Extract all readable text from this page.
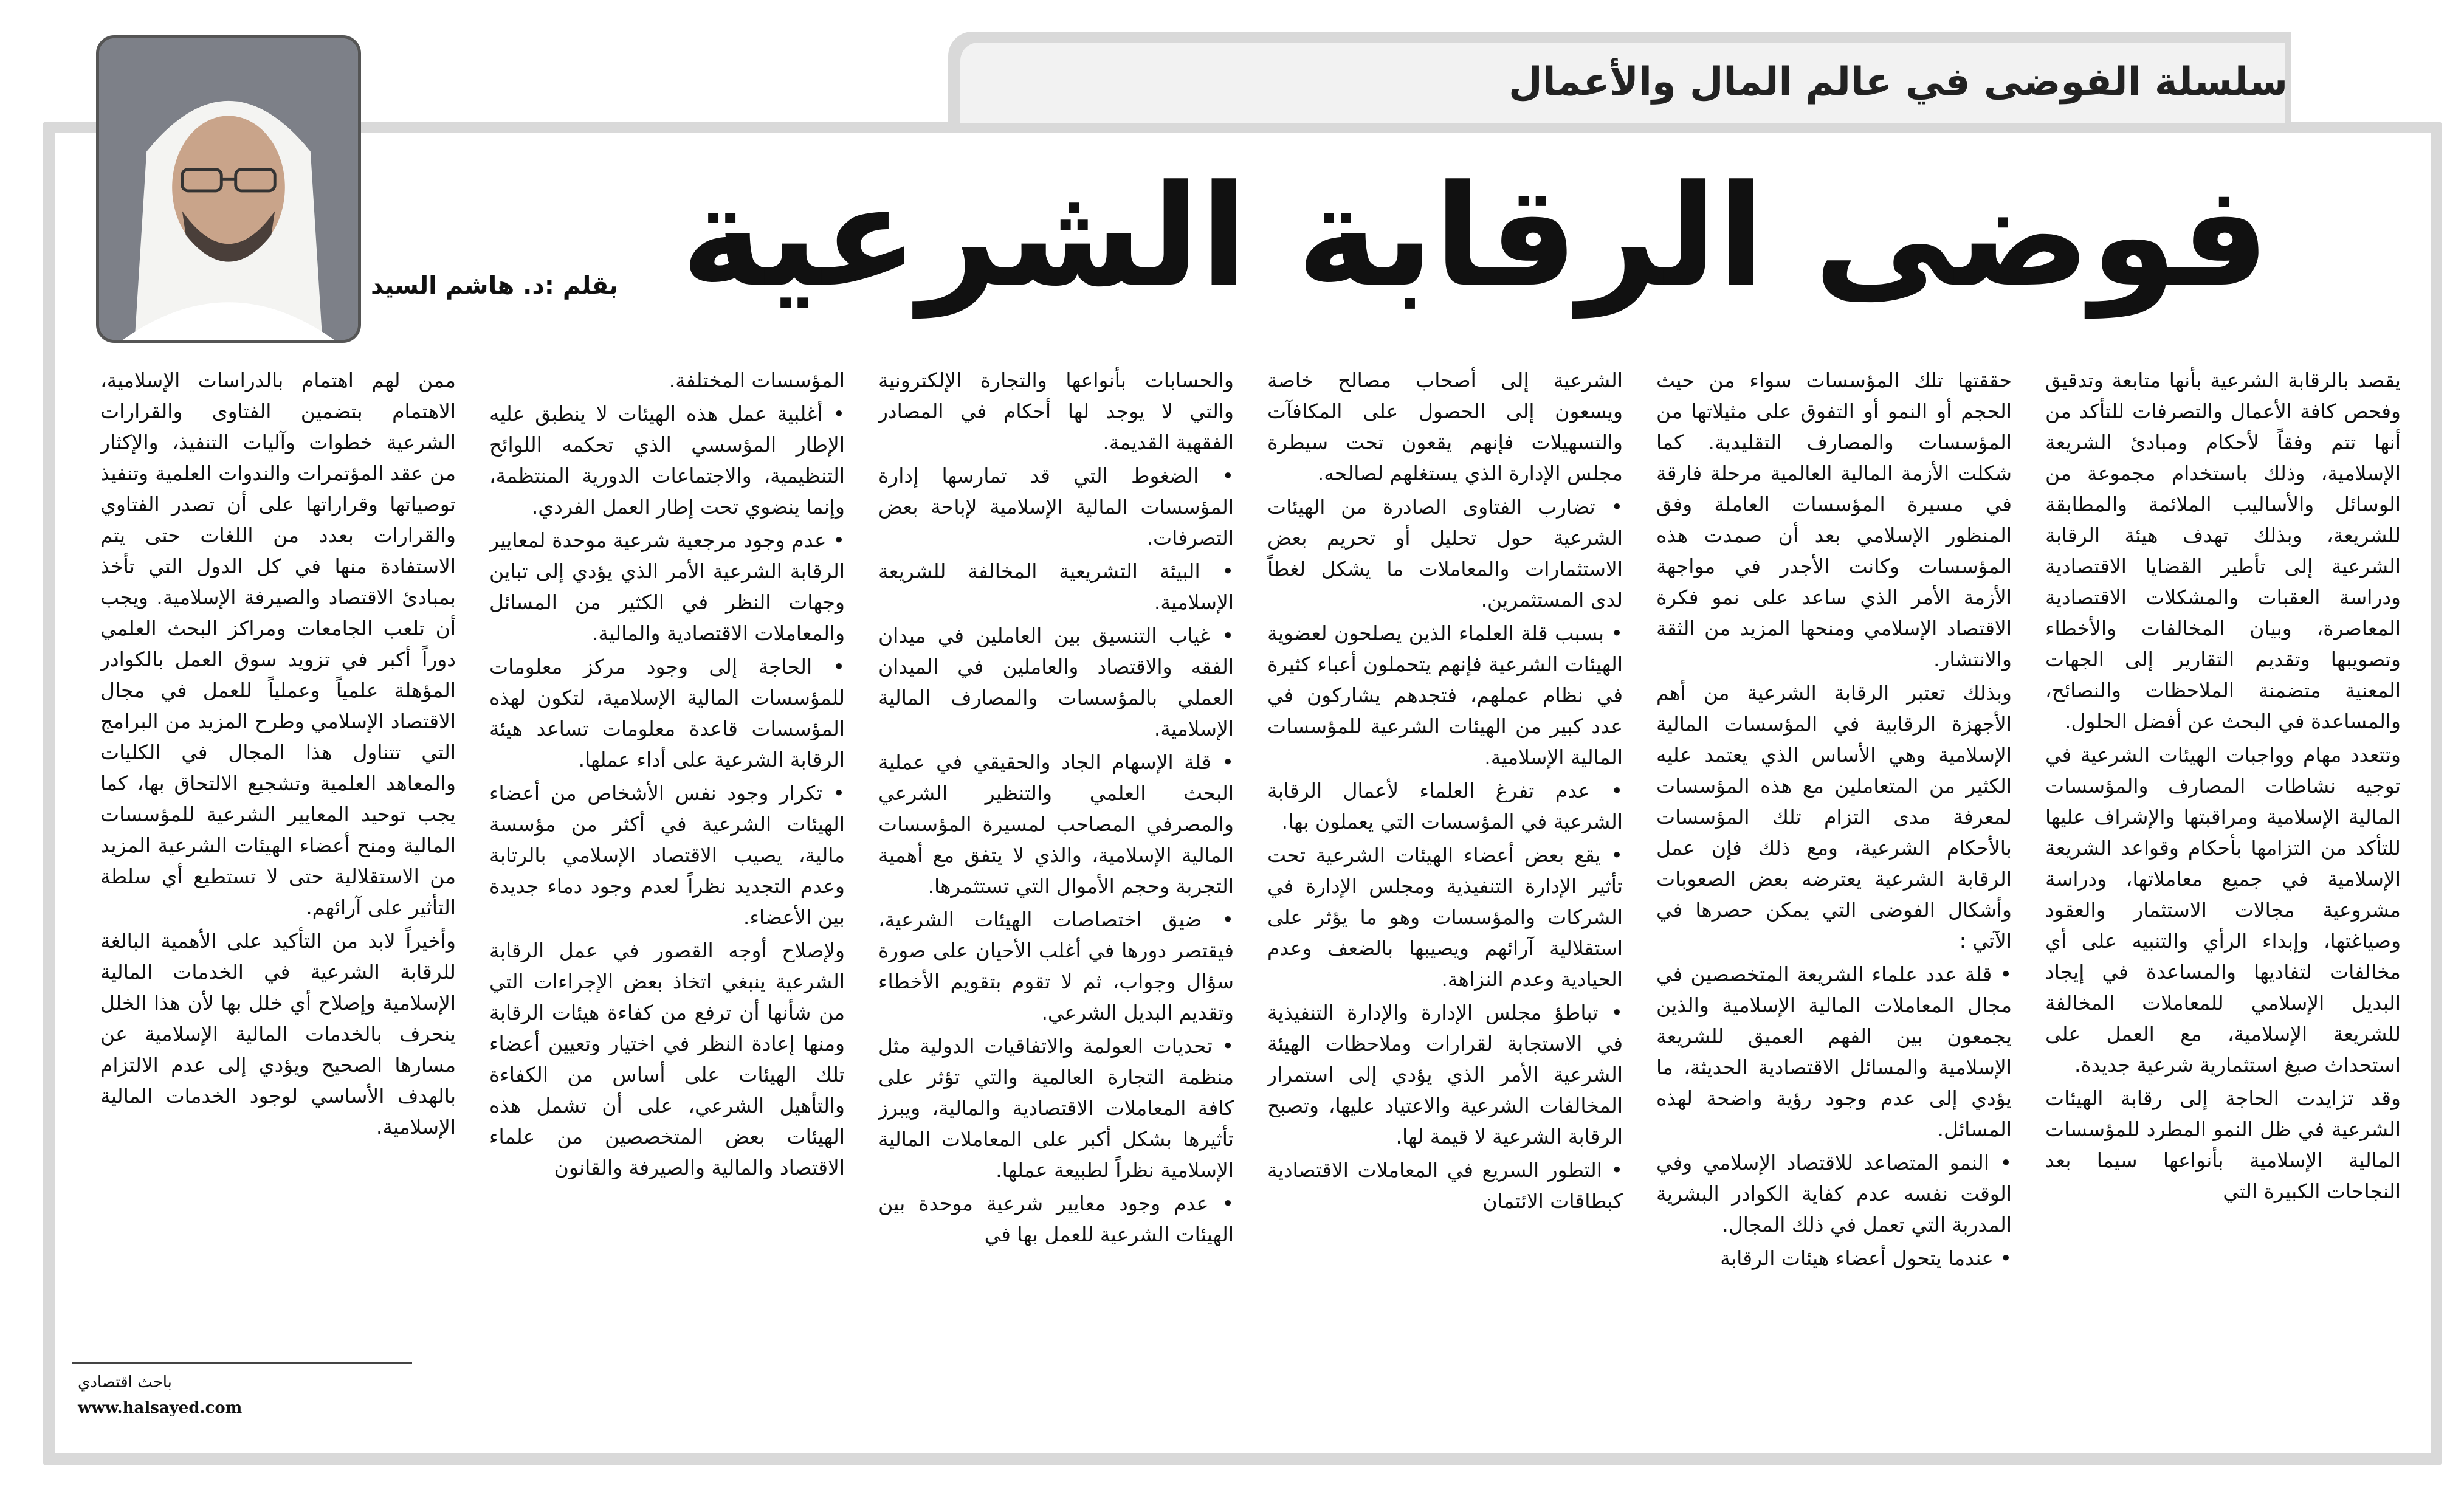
سلسلة الفوضى في عالم المال والأعمال
فوضى الرقابة الشرعية

بقلم :د. هاشم السيد

يقصد بالرقابة الشرعية بأنها متابعة وتدقيق وفحص كافة الأعمال والتصرفات للتأكد من أنها تتم وفقاً لأحكام ومبادئ الشريعة الإسلامية، وذلك باستخدام مجموعة من الوسائل والأساليب الملائمة والمطابقة للشريعة، وبذلك تهدف هيئة الرقابة الشرعية إلى تأطير القضايا الاقتصادية ودراسة العقبات والمشكلات الاقتصادية المعاصرة، وبيان المخالفات والأخطاء وتصويبها وتقديم التقارير إلى الجهات المعنية متضمنة الملاحظات والنصائح، والمساعدة في البحث عن أفضل الحلول.

وتتعدد مهام وواجبات الهيئات الشرعية في توجيه نشاطات المصارف والمؤسسات المالية الإسلامية ومراقبتها والإشراف عليها للتأكد من التزامها بأحكام وقواعد الشريعة الإسلامية في جميع معاملاتها، ودراسة مشروعية مجالات الاستثمار والعقود وصياغتها، وإبداء الرأي والتنبيه على أي مخالفات لتفاديها والمساعدة في إيجاد البديل الإسلامي للمعاملات المخالفة للشريعة الإسلامية، مع العمل على استحداث صيغ استثمارية شرعية جديدة.

وقد تزايدت الحاجة إلى رقابة الهيئات الشرعية في ظل النمو المطرد للمؤسسات المالية الإسلامية بأنواعها سيما بعد النجاحات الكبيرة التي

حققتها تلك المؤسسات سواء من حيث الحجم أو النمو أو التفوق على مثيلاتها من المؤسسات والمصارف التقليدية. كما شكلت الأزمة المالية العالمية مرحلة فارقة في مسيرة المؤسسات العاملة وفق المنظور الإسلامي بعد أن صمدت هذه المؤسسات وكانت الأجدر في مواجهة الأزمة الأمر الذي ساعد على نمو فكرة الاقتصاد الإسلامي ومنحها المزيد من الثقة والانتشار.

وبذلك تعتبر الرقابة الشرعية من أهم الأجهزة الرقابية في المؤسسات المالية الإسلامية وهي الأساس الذي يعتمد عليه الكثير من المتعاملين مع هذه المؤسسات لمعرفة مدى التزام تلك المؤسسات بالأحكام الشرعية، ومع ذلك فإن عمل الرقابة الشرعية يعترضه بعض الصعوبات وأشكال الفوضى التي يمكن حصرها في الآتي :

• قلة عدد علماء الشريعة المتخصصين في مجال المعاملات المالية الإسلامية والذين يجمعون بين الفهم العميق للشريعة الإسلامية والمسائل الاقتصادية الحديثة، ما يؤدي إلى عدم وجود رؤية واضحة لهذه المسائل.

• النمو المتصاعد للاقتصاد الإسلامي وفي الوقت نفسه عدم كفاية الكوادر البشرية المدربة التي تعمل في ذلك المجال.

• عندما يتحول أعضاء هيئات الرقابة

الشرعية إلى أصحاب مصالح خاصة ويسعون إلى الحصول على المكافآت والتسهيلات فإنهم يقعون تحت سيطرة مجلس الإدارة الذي يستغلهم لصالحه.

• تضارب الفتاوى الصادرة من الهيئات الشرعية حول تحليل أو تحريم بعض الاستثمارات والمعاملات ما يشكل لغطاً لدى المستثمرين.

• بسبب قلة العلماء الذين يصلحون لعضوية الهيئات الشرعية فإنهم يتحملون أعباء كثيرة في نظام عملهم، فتجدهم يشاركون في عدد كبير من الهيئات الشرعية للمؤسسات المالية الإسلامية.

• عدم تفرغ العلماء لأعمال الرقابة الشرعية في المؤسسات التي يعملون بها.

• يقع بعض أعضاء الهيئات الشرعية تحت تأثير الإدارة التنفيذية ومجلس الإدارة في الشركات والمؤسسات وهو ما يؤثر على استقلالية آرائهم ويصيبها بالضعف وعدم الحيادية وعدم النزاهة.

• تباطؤ مجلس الإدارة والإدارة التنفيذية في الاستجابة لقرارات وملاحظات الهيئة الشرعية الأمر الذي يؤدي إلى استمرار المخالفات الشرعية والاعتياد عليها، وتصبح الرقابة الشرعية لا قيمة لها.

• التطور السريع في المعاملات الاقتصادية كبطاقات الائتمان

والحسابات بأنواعها والتجارة الإلكترونية والتي لا يوجد لها أحكام في المصادر الفقهية القديمة.

• الضغوط التي قد تمارسها إدارة المؤسسات المالية الإسلامية لإباحة بعض التصرفات.

• البيئة التشريعية المخالفة للشريعة الإسلامية.

• غياب التنسيق بين العاملين في ميدان الفقه والاقتصاد والعاملين في الميدان العملي بالمؤسسات والمصارف المالية الإسلامية.

• قلة الإسهام الجاد والحقيقي في عملية البحث العلمي والتنظير الشرعي والمصرفي المصاحب لمسيرة المؤسسات المالية الإسلامية، والذي لا يتفق مع أهمية التجربة وحجم الأموال التي تستثمرها.

• ضيق اختصاصات الهيئات الشرعية، فيقتصر دورها في أغلب الأحيان على صورة سؤال وجواب، ثم لا تقوم بتقويم الأخطاء وتقديم البديل الشرعي.

• تحديات العولمة والاتفاقيات الدولية مثل منظمة التجارة العالمية والتي تؤثر على كافة المعاملات الاقتصادية والمالية، ويبرز تأثيرها بشكل أكبر على المعاملات المالية الإسلامية نظراً لطبيعة عملها.

• عدم وجود معايير شرعية موحدة بين الهيئات الشرعية للعمل بها في

المؤسسات المختلفة.

• أغلبية عمل هذه الهيئات لا ينطبق عليه الإطار المؤسسي الذي تحكمه اللوائح التنظيمية، والاجتماعات الدورية المنتظمة، وإنما ينضوي تحت إطار العمل الفردي.

• عدم وجود مرجعية شرعية موحدة لمعايير الرقابة الشرعية الأمر الذي يؤدي إلى تباين وجهات النظر في الكثير من المسائل والمعاملات الاقتصادية والمالية.

• الحاجة إلى وجود مركز معلومات للمؤسسات المالية الإسلامية، لتكون لهذه المؤسسات قاعدة معلومات تساعد هيئة الرقابة الشرعية على أداء عملها.

• تكرار وجود نفس الأشخاص من أعضاء الهيئات الشرعية في أكثر من مؤسسة مالية، يصيب الاقتصاد الإسلامي بالرتابة وعدم التجديد نظراً لعدم وجود دماء جديدة بين الأعضاء.

ولإصلاح أوجه القصور في عمل الرقابة الشرعية ينبغي اتخاذ بعض الإجراءات التي من شأنها أن ترفع من كفاءة هيئات الرقابة ومنها إعادة النظر في اختيار وتعيين أعضاء تلك الهيئات على أساس من الكفاءة والتأهيل الشرعي، على أن تشمل هذه الهيئات بعض المتخصصين من علماء الاقتصاد والمالية والصيرفة والقانون

ممن لهم اهتمام بالدراسات الإسلامية، الاهتمام بتضمين الفتاوى والقرارات الشرعية خطوات وآليات التنفيذ، والإكثار من عقد المؤتمرات والندوات العلمية وتنفيذ توصياتها وقراراتها على أن تصدر الفتاوي والقرارات بعدد من اللغات حتى يتم الاستفادة منها في كل الدول التي تأخذ بمبادئ الاقتصاد والصيرفة الإسلامية. ويجب أن تلعب الجامعات ومراكز البحث العلمي دوراً أكبر في تزويد سوق العمل بالكوادر المؤهلة علمياً وعملياً للعمل في مجال الاقتصاد الإسلامي وطرح المزيد من البرامج التي تتناول هذا المجال في الكليات والمعاهد العلمية وتشجيع الالتحاق بها، كما يجب توحيد المعايير الشرعية للمؤسسات المالية ومنح أعضاء الهيئات الشرعية المزيد من الاستقلالية حتى لا تستطيع أي سلطة التأثير على آرائهم.

وأخيراً لابد من التأكيد على الأهمية البالغة للرقابة الشرعية في الخدمات المالية الإسلامية وإصلاح أي خلل بها لأن هذا الخلل ينحرف بالخدمات المالية الإسلامية عن مسارها الصحيح ويؤدي إلى عدم الالتزام بالهدف الأساسي لوجود الخدمات المالية الإسلامية.

باحث اقتصادي

www.halsayed.com
